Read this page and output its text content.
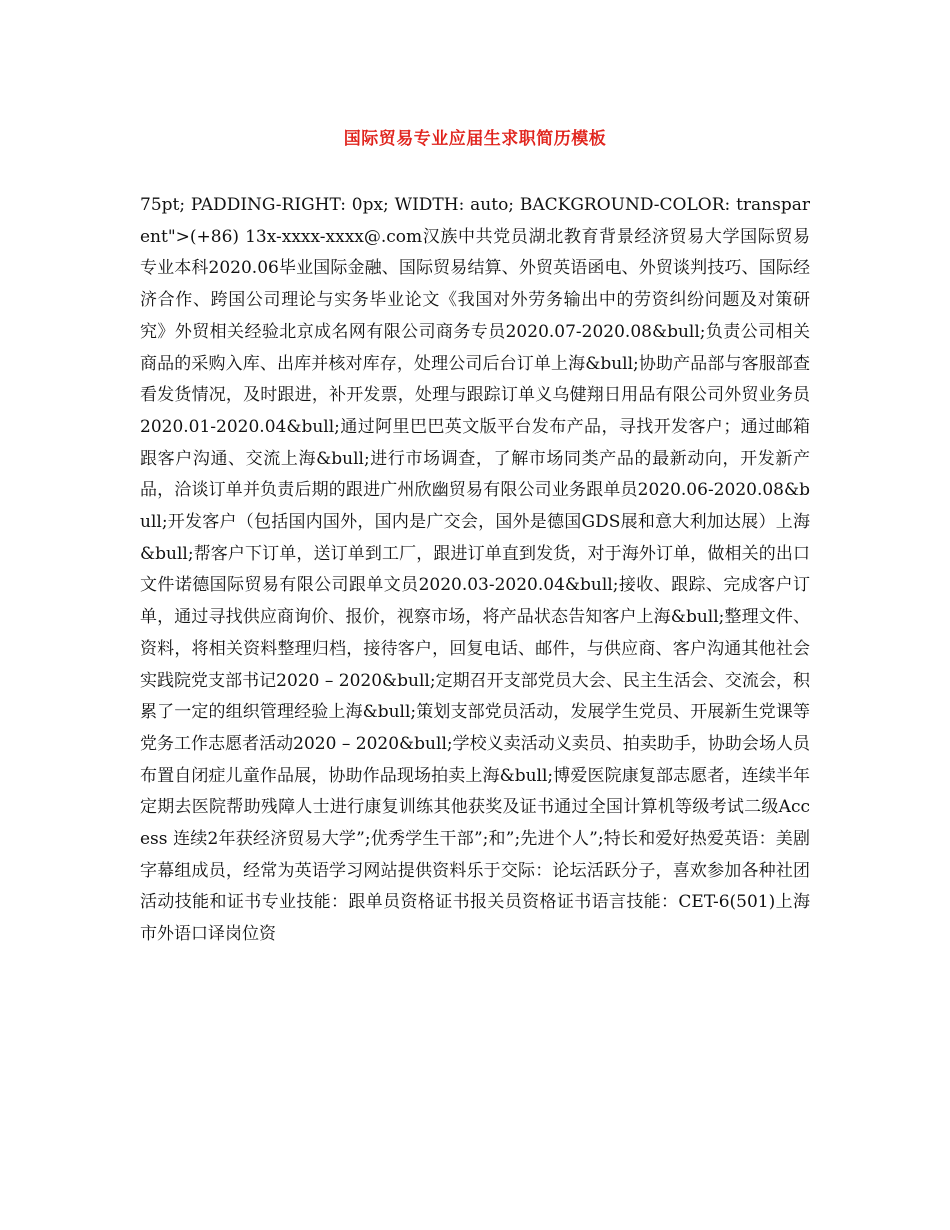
国际贸易专业应届生求职简历模板
75pt; PADDING-RIGHT: 0px; WIDTH: auto; BACKGROUND-COLOR: transparent">(+86) 13x-xxxx-xxxx@.com汉族中共党员湖北教育背景经济贸易大学国际贸易专业本科2020.06毕业国际金融、国际贸易结算、外贸英语函电、外贸谈判技巧、国际经济合作、跨国公司理论与实务毕业论文《我国对外劳务输出中的劳资纠纷问题及对策研究》外贸相关经验北京成名网有限公司商务专员2020.07-2020.08&bull;负责公司相关商品的采购入库、出库并核对库存，处理公司后台订单上海&bull;协助产品部与客服部查看发货情况，及时跟进，补开发票，处理与跟踪订单义乌健翔日用品有限公司外贸业务员2020.01-2020.04&bull;通过阿里巴巴英文版平台发布产品，寻找开发客户；通过邮箱跟客户沟通、交流上海&bull;进行市场调查，了解市场同类产品的最新动向，开发新产品，洽谈订单并负责后期的跟进广州欣幽贸易有限公司业务跟单员2020.06-2020.08&bull;开发客户（包括国内国外，国内是广交会，国外是德国GDS展和意大利加达展）上海&bull;帮客户下订单，送订单到工厂，跟进订单直到发货，对于海外订单，做相关的出口文件诺德国际贸易有限公司跟单文员2020.03-2020.04&bull;接收、跟踪、完成客户订单，通过寻找供应商询价、报价，视察市场，将产品状态告知客户上海&bull;整理文件、资料，将相关资料整理归档，接待客户，回复电话、邮件，与供应商、客户沟通其他社会实践院党支部书记2020 – 2020&bull;定期召开支部党员大会、民主生活会、交流会，积累了一定的组织管理经验上海&bull;策划支部党员活动，发展学生党员、开展新生党课等党务工作志愿者活动2020 – 2020&bull;学校义卖活动义卖员、拍卖助手，协助会场人员布置自闭症儿童作品展，协助作品现场拍卖上海&bull;博爱医院康复部志愿者，连续半年定期去医院帮助残障人士进行康复训练其他获奖及证书通过全国计算机等级考试二级Access 连续2年获经济贸易大学”;优秀学生干部”;和”;先进个人”;特长和爱好热爱英语：美剧字幕组成员，经常为英语学习网站提供资料乐于交际：论坛活跃分子，喜欢参加各种社团活动技能和证书专业技能：跟单员资格证书报关员资格证书语言技能：CET-6(501)上海市外语口译岗位资
